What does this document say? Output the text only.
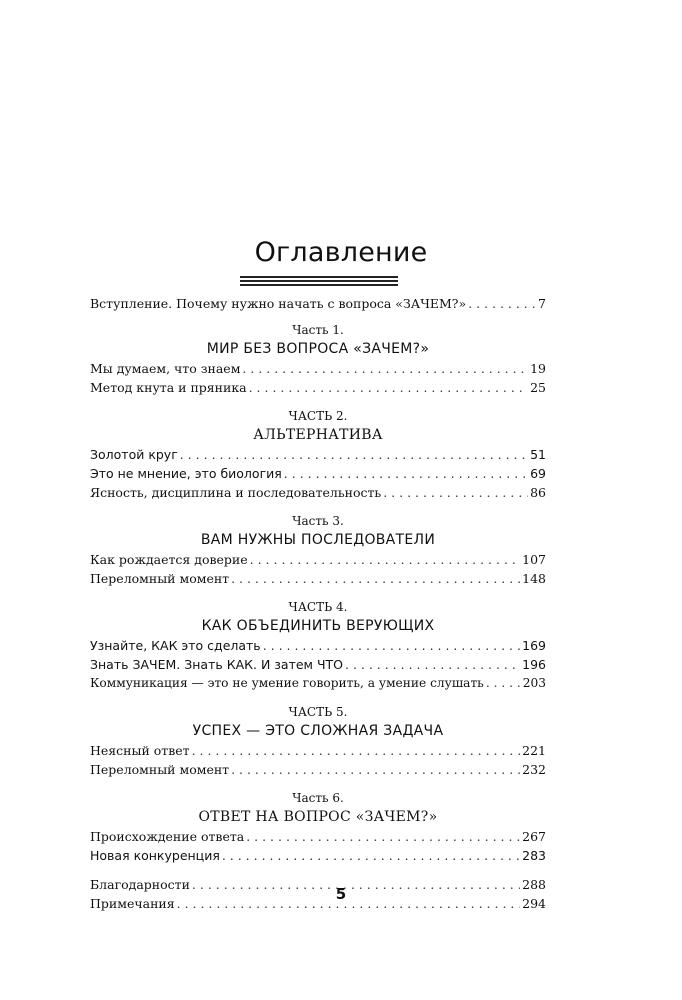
Оглавление
Вступление. Почему нужно начать с вопроса «ЗАЧЕМ?» . . .	7
Часть 1.
МИР БЕЗ ВОПРОСА «ЗАЧЕМ?»
Мы думаем, что знаем . . .	19
Метод кнута и пряника . . .	25
ЧАСТЬ 2.
АЛЬТЕРНАТИВА
Золотой круг . . .	51
Это не мнение, это биология . . .	69
Ясность, дисциплина и последовательность . . .	86
Часть 3.
ВАМ НУЖНЫ ПОСЛЕДОВАТЕЛИ
Как рождается доверие . . .	107
Переломный момент . . .	148
ЧАСТЬ 4.
КАК ОБЪЕДИНИТЬ ВЕРУЮЩИХ
Узнайте, КАК это сделать . . .	169
Знать ЗАЧЕМ. Знать КАК. И затем ЧТО . . .	196
Коммуникация — это не умение говорить, а умение слушать . . .	203
ЧАСТЬ 5.
УСПЕХ — ЭТО СЛОЖНАЯ ЗАДАЧА
Неясный ответ . . .	221
Переломный момент . . .	232
Часть 6.
ОТВЕТ НА ВОПРОС «ЗАЧЕМ?»
Происхождение ответа . . .	267
Новая конкуренция . . .	283
Благодарности . . .	288
Примечания . . .	294
5
